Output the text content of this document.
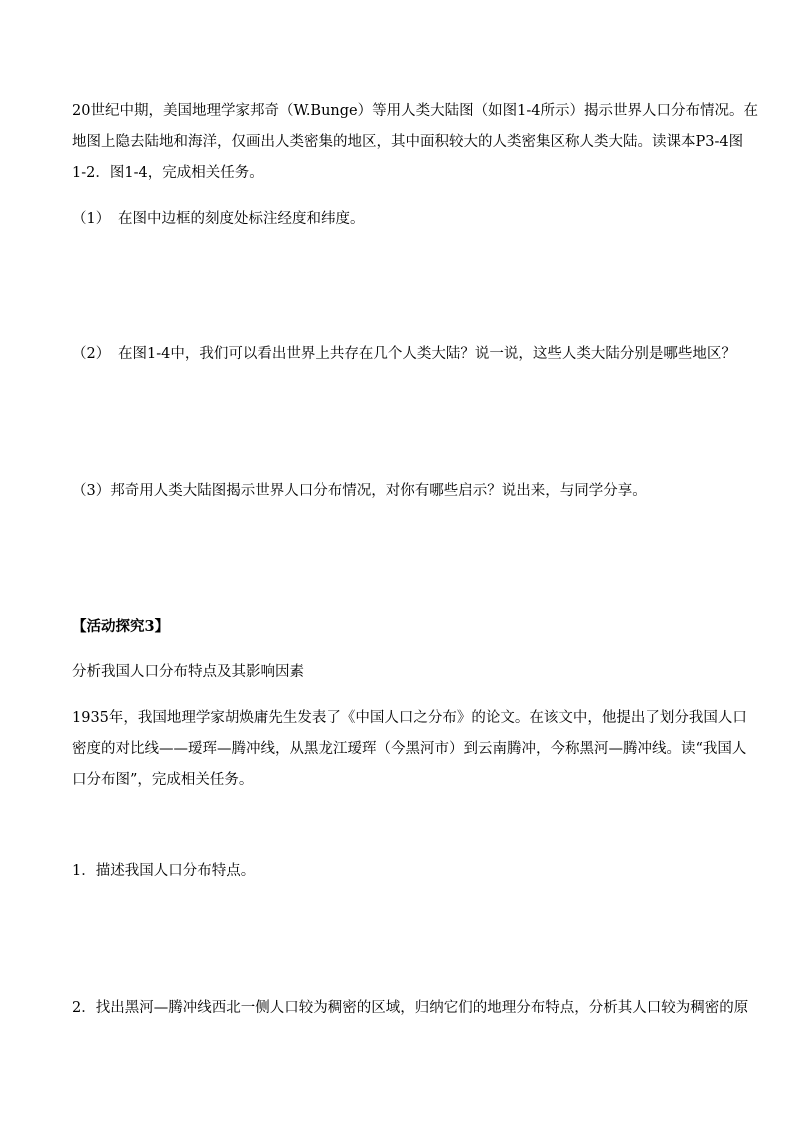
20世纪中期，美国地理学家邦奇（W.Bunge）等用人类大陆图（如图1-4所示）揭示世界人口分布情况。在
地图上隐去陆地和海洋，仅画出人类密集的地区，其中面积较大的人类密集区称人类大陆。读课本P3-4图
1-2．图1-4，完成相关任务。
（1） 在图中边框的刻度处标注经度和纬度。
（2） 在图1-4中，我们可以看出世界上共存在几个人类大陆？说一说，这些人类大陆分别是哪些地区？
（3）邦奇用人类大陆图揭示世界人口分布情况，对你有哪些启示？说出来，与同学分享。
【活动探究3】
分析我国人口分布特点及其影响因素
1935年，我国地理学家胡焕庸先生发表了《中国人口之分布》的论文。在该文中，他提出了划分我国人口
密度的对比线——瑷珲—腾冲线，从黑龙江瑷珲（今黑河市）到云南腾冲，今称黑河—腾冲线。读“我国人
口分布图”，完成相关任务。
1．描述我国人口分布特点。
2．找出黑河—腾冲线西北一侧人口较为稠密的区域，归纳它们的地理分布特点，分析其人口较为稠密的原
